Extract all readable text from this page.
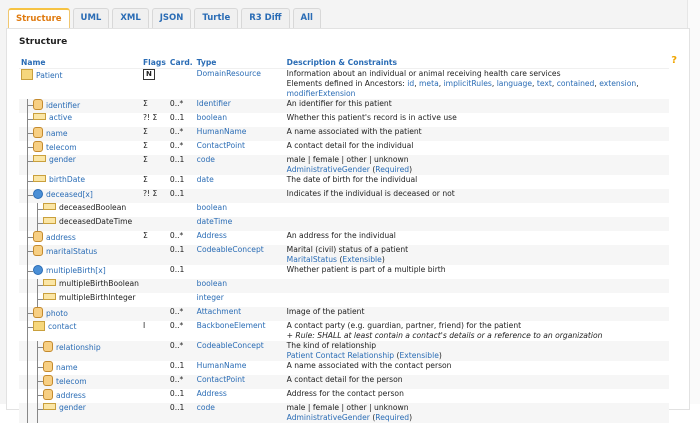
Structure	UML	XML	JSON	Turtle	R3 Diff	All
Structure
Name	Flags	Card.	Type	Description & Constraints ?

Patient	N		DomainResource	Information about an individual or animal receiving health care services
Elements defined in Ancestors: id, meta, implicitRules, language, text, contained, extension, modifierExtension

identifier	Σ	0..*	Identifier	An identifier for this patient

active	?! Σ	0..1	boolean	Whether this patient's record is in active use

name	Σ	0..*	HumanName	A name associated with the patient

telecom	Σ	0..*	ContactPoint	A contact detail for the individual

gender	Σ	0..1	code	male | female | other | unknown
AdministrativeGender (Required)

birthDate	Σ	0..1	date	The date of birth for the individual

deceased[x]	?! Σ	0..1		Indicates if the individual is deceased or not

deceasedBoolean			boolean	

deceasedDateTime			dateTime	

address	Σ	0..*	Address	An address for the individual

maritalStatus		0..1	CodeableConcept	Marital (civil) status of a patient
MaritalStatus (Extensible)

multipleBirth[x]		0..1		Whether patient is part of a multiple birth

multipleBirthBoolean			boolean	

multipleBirthInteger			integer	

photo		0..*	Attachment	Image of the patient

contact	I	0..*	BackboneElement	A contact party (e.g. guardian, partner, friend) for the patient
+ Rule: SHALL at least contain a contact's details or a reference to an organization

relationship		0..*	CodeableConcept	The kind of relationship
Patient Contact Relationship (Extensible)

name		0..1	HumanName	A name associated with the contact person

telecom		0..*	ContactPoint	A contact detail for the person

address		0..1	Address	Address for the contact person

gender		0..1	code	male | female | other | unknown
AdministrativeGender (Required)
